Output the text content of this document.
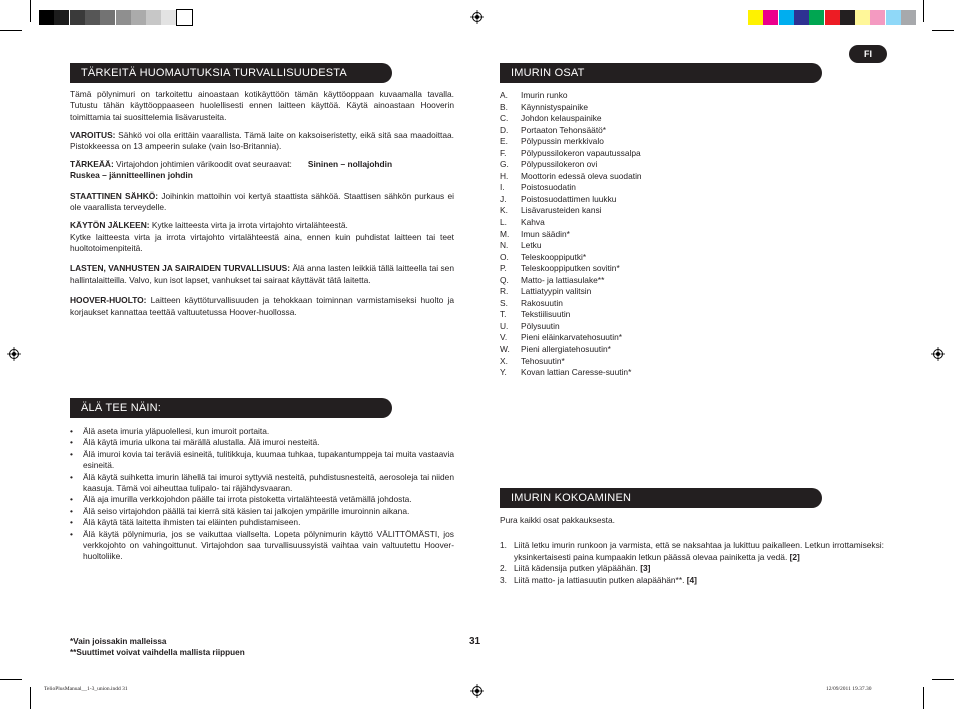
FI
TÄRKEITÄ HUOMAUTUKSIA TURVALLISUUDESTA

Tämä pölynimuri on tarkoitettu ainoastaan kotikäyttöön tämän käyttöoppaan kuvaamalla tavalla. Tutustu tähän käyttöoppaaseen huolellisesti ennen laitteen käyttöä. Käytä ainoastaan Hooverin toimittamia tai suosittelemia lisävarusteita.

VAROITUS: Sähkö voi olla erittäin vaarallista. Tämä laite on kaksoiseristetty, eikä sitä saa maadoittaa. Pistokkeessa on 13 ampeerin sulake (vain Iso-Britannia).

TÄRKEÄÄ: Virtajohdon johtimien värikoodit ovat seuraavat: Sininen – nollajohdin
Ruskea – jännitteellinen johdin

STAATTINEN SÄHKÖ: Joihinkin mattoihin voi kertyä staattista sähköä. Staattisen sähkön purkaus ei ole vaarallista terveydelle.

KÄYTÖN JÄLKEEN: Kytke laitteesta virta ja irrota virtajohto virtalähteestä.

Kytke laitteesta virta ja irrota virtajohto virtalähteestä aina, ennen kuin puhdistat laitteen tai teet huoltotoimenpiteitä.

LASTEN, VANHUSTEN JA SAIRAIDEN TURVALLISUUS: Älä anna lasten leikkiä tällä laitteella tai sen hallintalaitteilla. Valvo, kun isot lapset, vanhukset tai sairaat käyttävät tätä laitetta.

HOOVER-HUOLTO: Laitteen käyttöturvallisuuden ja tehokkaan toiminnan varmistamiseksi huolto ja korjaukset kannattaa teettää valtuutetussa Hoover-huollossa.

ÄLÄ TEE NÄIN:
•	Älä aseta imuria yläpuolellesi, kun imuroit portaita.
•	Älä käytä imuria ulkona tai märällä alustalla. Älä imuroi nesteitä.
•	Älä imuroi kovia tai teräviä esineitä, tulitikkuja, kuumaa tuhkaa, tupakantumppeja tai muita vastaavia esineitä.
•	Älä käytä suihketta imurin lähellä tai imuroi syttyviä nesteitä, puhdistusnesteitä, aerosoleja tai niiden kaasuja. Tämä voi aiheuttaa tulipalo- tai räjähdysvaaran.
•	Älä aja imurilla verkkojohdon päälle tai irrota pistoketta virtalähteestä vetämällä johdosta.
•	Älä seiso virtajohdon päällä tai kierrä sitä käsien tai jalkojen ympärille imuroinnin aikana.
•	Älä käytä tätä laitetta ihmisten tai eläinten puhdistamiseen.
•	Älä käytä pölynimuria, jos se vaikuttaa viallselta. Lopeta pölynimurin käyttö VÄLITTÖMÄSTI, jos verkkojohto on vahingoittunut. Virtajohdon saa turvallisuussyistä vaihtaa vain valtuutettu Hoover-huoltoliike.
*Vain joissakin malleissa
**Suuttimet voivat vaihdella mallista riippuen
31
IMURIN OSAT
A.	Imurin runko
B.	Käynnistyspainike
C.	Johdon kelauspainike
D.	Portaaton Tehonsäätö*
E.	Pölypussin merkkivalo
F.	Pölypussilokeron vapautussalpa
G.	Pölypussilokeron ovi
H.	Moottorin edessä oleva suodatin
I.	Poistosuodatin
J.	Poistosuodattimen luukku
K.	Lisävarusteiden kansi
L.	Kahva
M.	Imun säädin*
N.	Letku
O.	Teleskooppiputki*
P.	Teleskooppiputken sovitin*
Q.	Matto- ja lattiasulake**
R.	Lattiatyypin valitsin
S.	Rakosuutin
T.	Tekstiilisuutin
U.	Pölysuutin
V.	Pieni eläinkarvatehosuutin*
W.	Pieni allergiatehosuutin*
X.	Tehosuutin*
Y.	Kovan lattian Caresse-suutin*
IMURIN KOKOAMINEN

Pura kaikki osat pakkauksesta.

1. Liitä letku imurin runkoon ja varmista, että se naksahtaa ja lukittuu paikalleen. Letkun irrottamiseksi: yksinkertaisesti paina kumpaakin letkun päässä olevaa painiketta ja vedä. [2]
2. Liitä kädensija putken yläpäähän. [3]
3. Liitä matto- ja lattiasuutin putken alapäähän**. [4]
TelioPlusManual__1-3_union.indd 31	12/09/2011 19.37.30
